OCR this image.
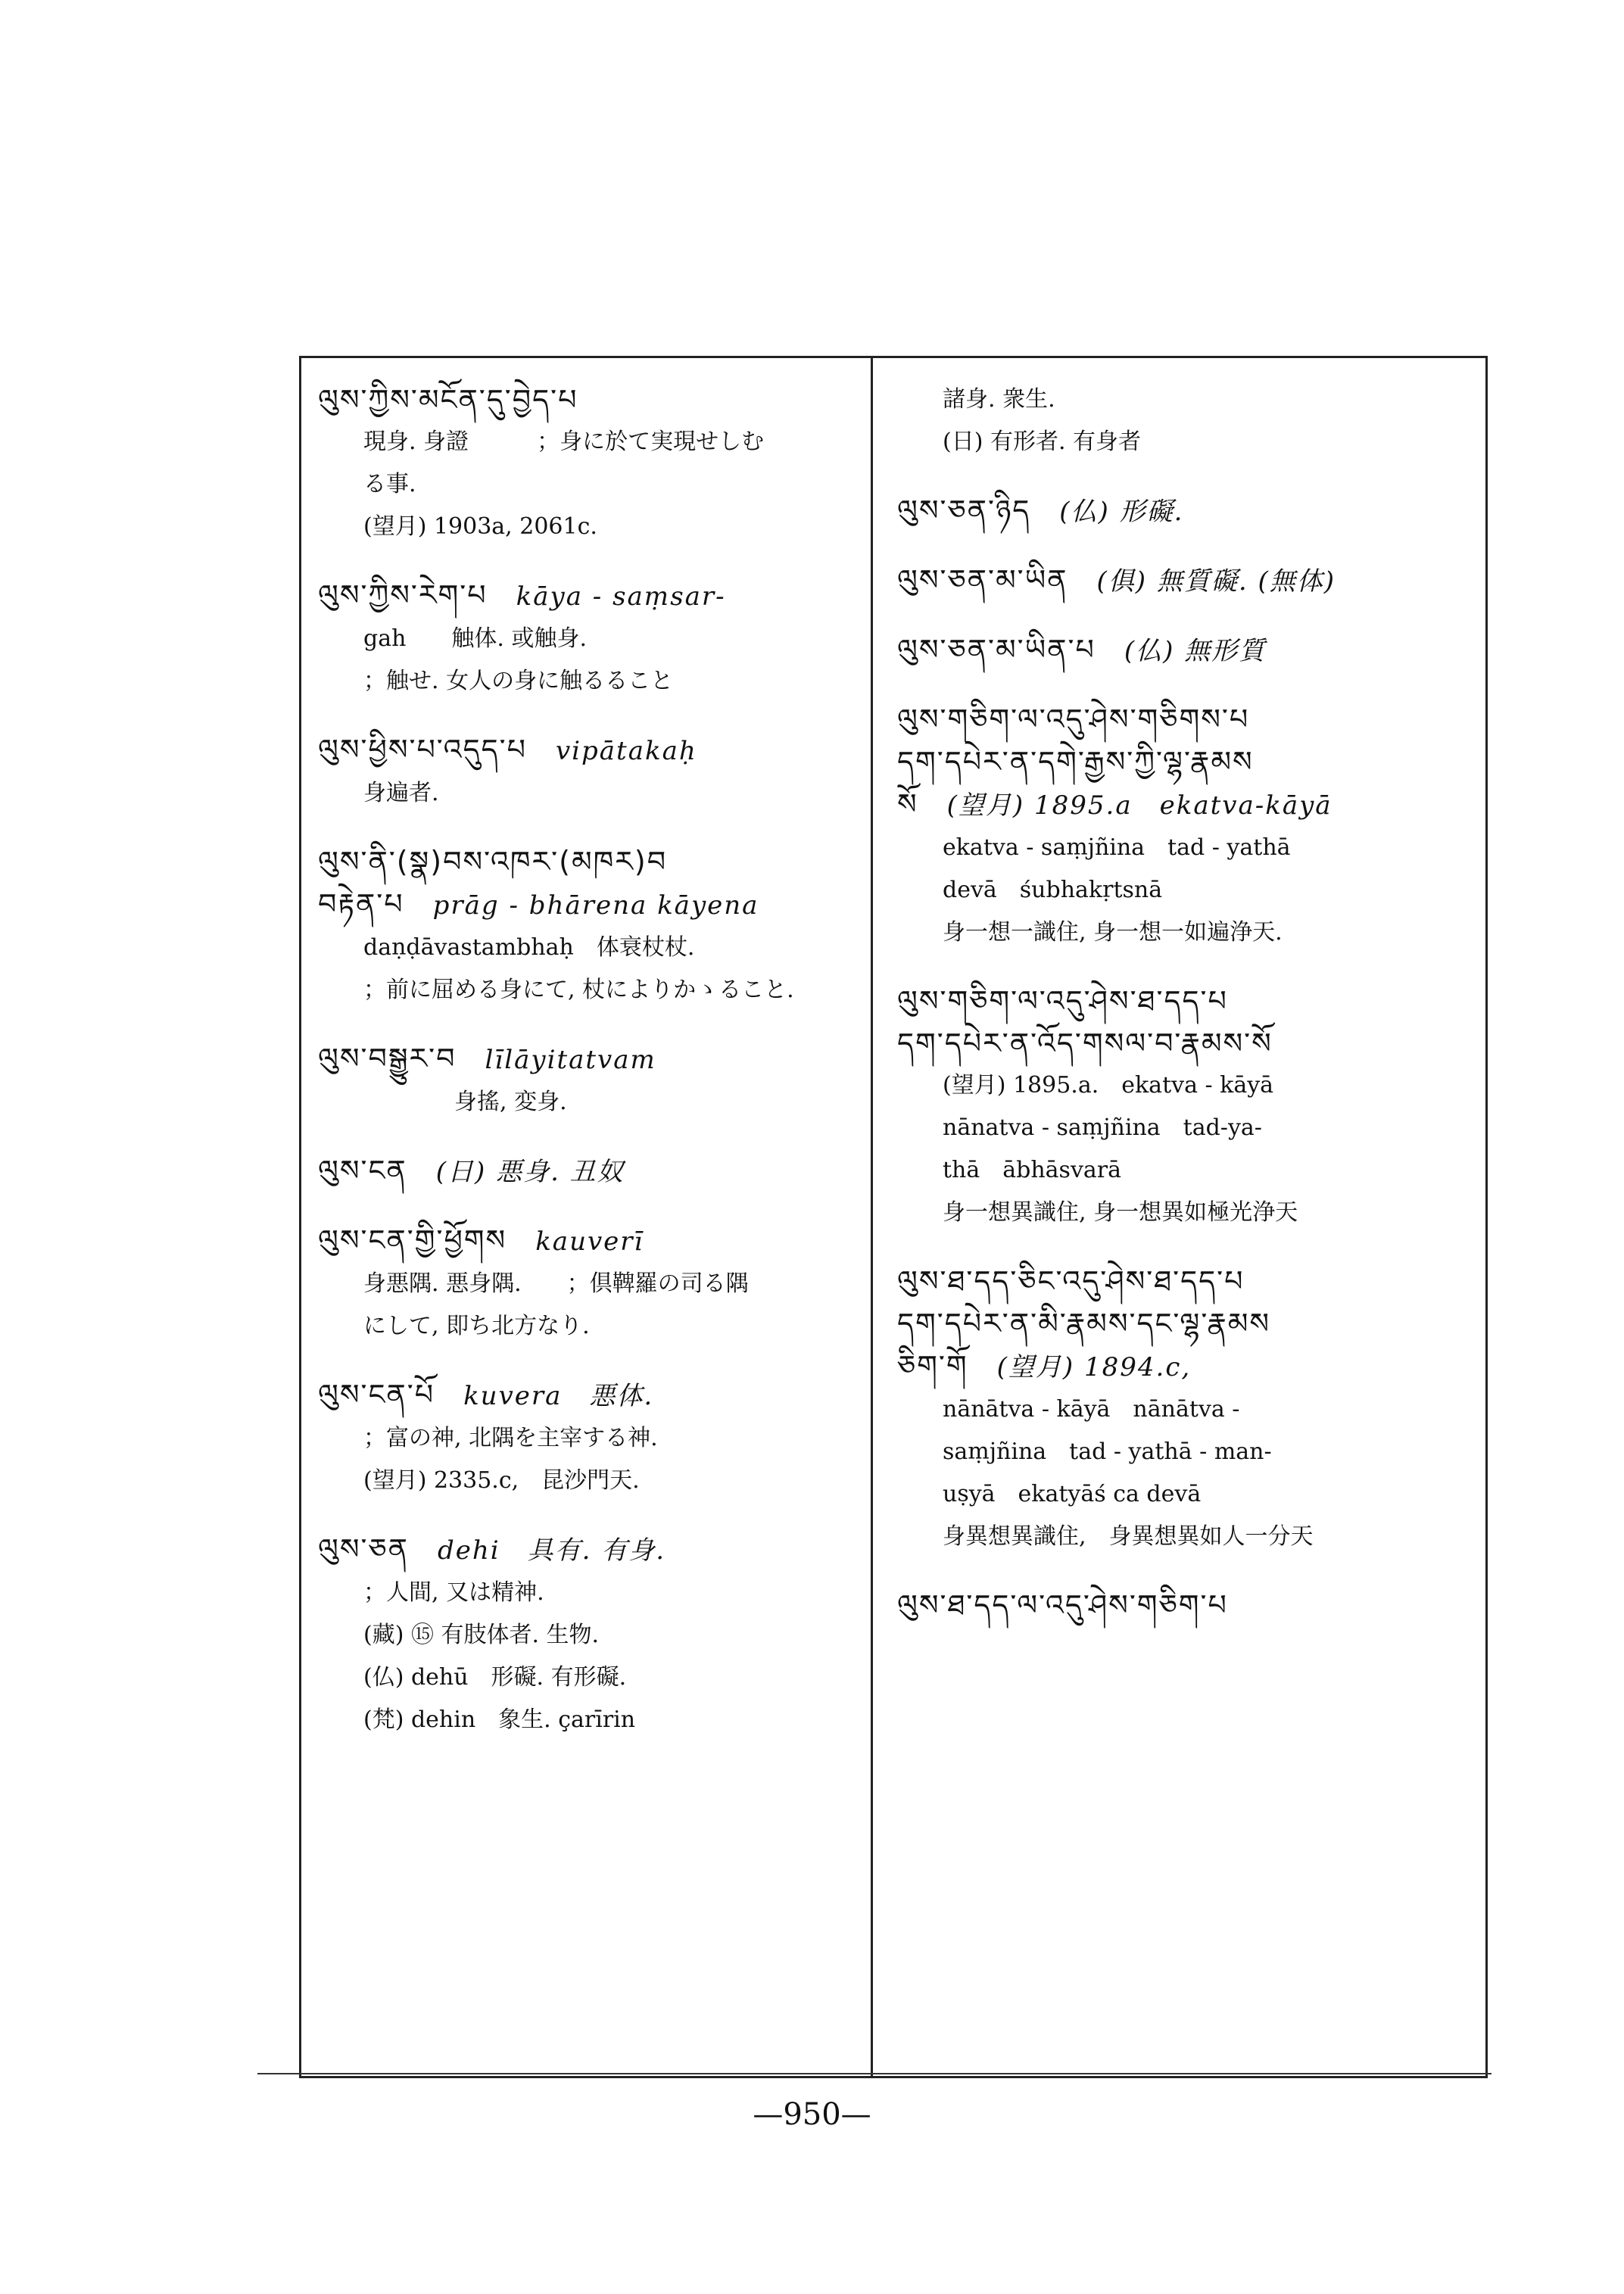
ལུས་ཀྱིས་མངོན་དུ་བྱེད་པ
現身. 身證　　　；身に於て実現せしむ
る事.
(望月) 1903a, 2061c.
ལུས་ཀྱིས་རེག་པ kāya - saṃsar-
gah　　触体. 或触身.
；触せ. 女人の身に触るること
ལུས་ཕྱིས་པ་འདུད་པ vipātakaḥ
身遍者.
ལུས་ནི་(སྣ)བས་འཁར་(མཁར)བ
བརྟེན་པ prāg - bhārena kāyena
daṇḍāvastambhaḥ　体衰杖杖.
；前に屈める身にて, 杖によりかゝること.
ལུས་བསྒྱུར་བ līlāyitatvam
　　　　身搖, 変身.
ལུས་ངན (日) 悪身. 丑奴
ལུས་ངན་གྱི་ཕྱོགས kauverī
身悪隅. 悪身隅.　　；倶鞞羅の司る隅
にして, 即ち北方なり.
ལུས་ངན་པོ kuvera　悪体.
；富の神, 北隅を主宰する神.
(望月) 2335.c,　昆沙門天.
ལུས་ཅན dehi　具有. 有身.
；人間, 又は精神.
(藏) ⑮ 有肢体者. 生物.
(仏) dehū　形礙. 有形礙.
(梵) dehin　象生. çarīrin
諸身. 衆生.
(日) 有形者. 有身者
ལུས་ཅན་ཉིད (仏) 形礙.
ལུས་ཅན་མ་ཡིན (俱) 無質礙. (無体)
ལུས་ཅན་མ་ཡིན་པ (仏) 無形質
ལུས་གཅིག་ལ་འདུ་ཤེས་གཅིགས་པ
དག་དཔེར་ན་དགེ་རྒྱས་ཀྱི་ལྷ་རྣམས
སོ (望月) 1895.a　ekatva-kāyā
ekatva - saṃjñina　tad - yathā
devā　śubhakṛtsnā
身一想一識住, 身一想一如遍浄天.
ལུས་གཅིག་ལ་འདུ་ཤེས་ཐ་དད་པ
དག་དཔེར་ན་འོད་གསལ་བ་རྣམས་སོ
(望月) 1895.a.　ekatva - kāyā
nānatva - saṃjñina　tad-ya-
thā　ābhāsvarā
身一想異識住, 身一想異如極光浄天
ལུས་ཐ་དད་ཅིང་འདུ་ཤེས་ཐ་དད་པ
དག་དཔེར་ན་མི་རྣམས་དང་ལྷ་རྣམས
ཅིག་གོ (望月) 1894.c,
nānātva - kāyā　nānātva -
saṃjñina　tad - yathā - man-
uṣyā　ekatyāś ca devā
身異想異識住,　身異想異如人一分天
ལུས་ཐ་དད་ལ་འདུ་ཤེས་གཅིག་པ
—950—
